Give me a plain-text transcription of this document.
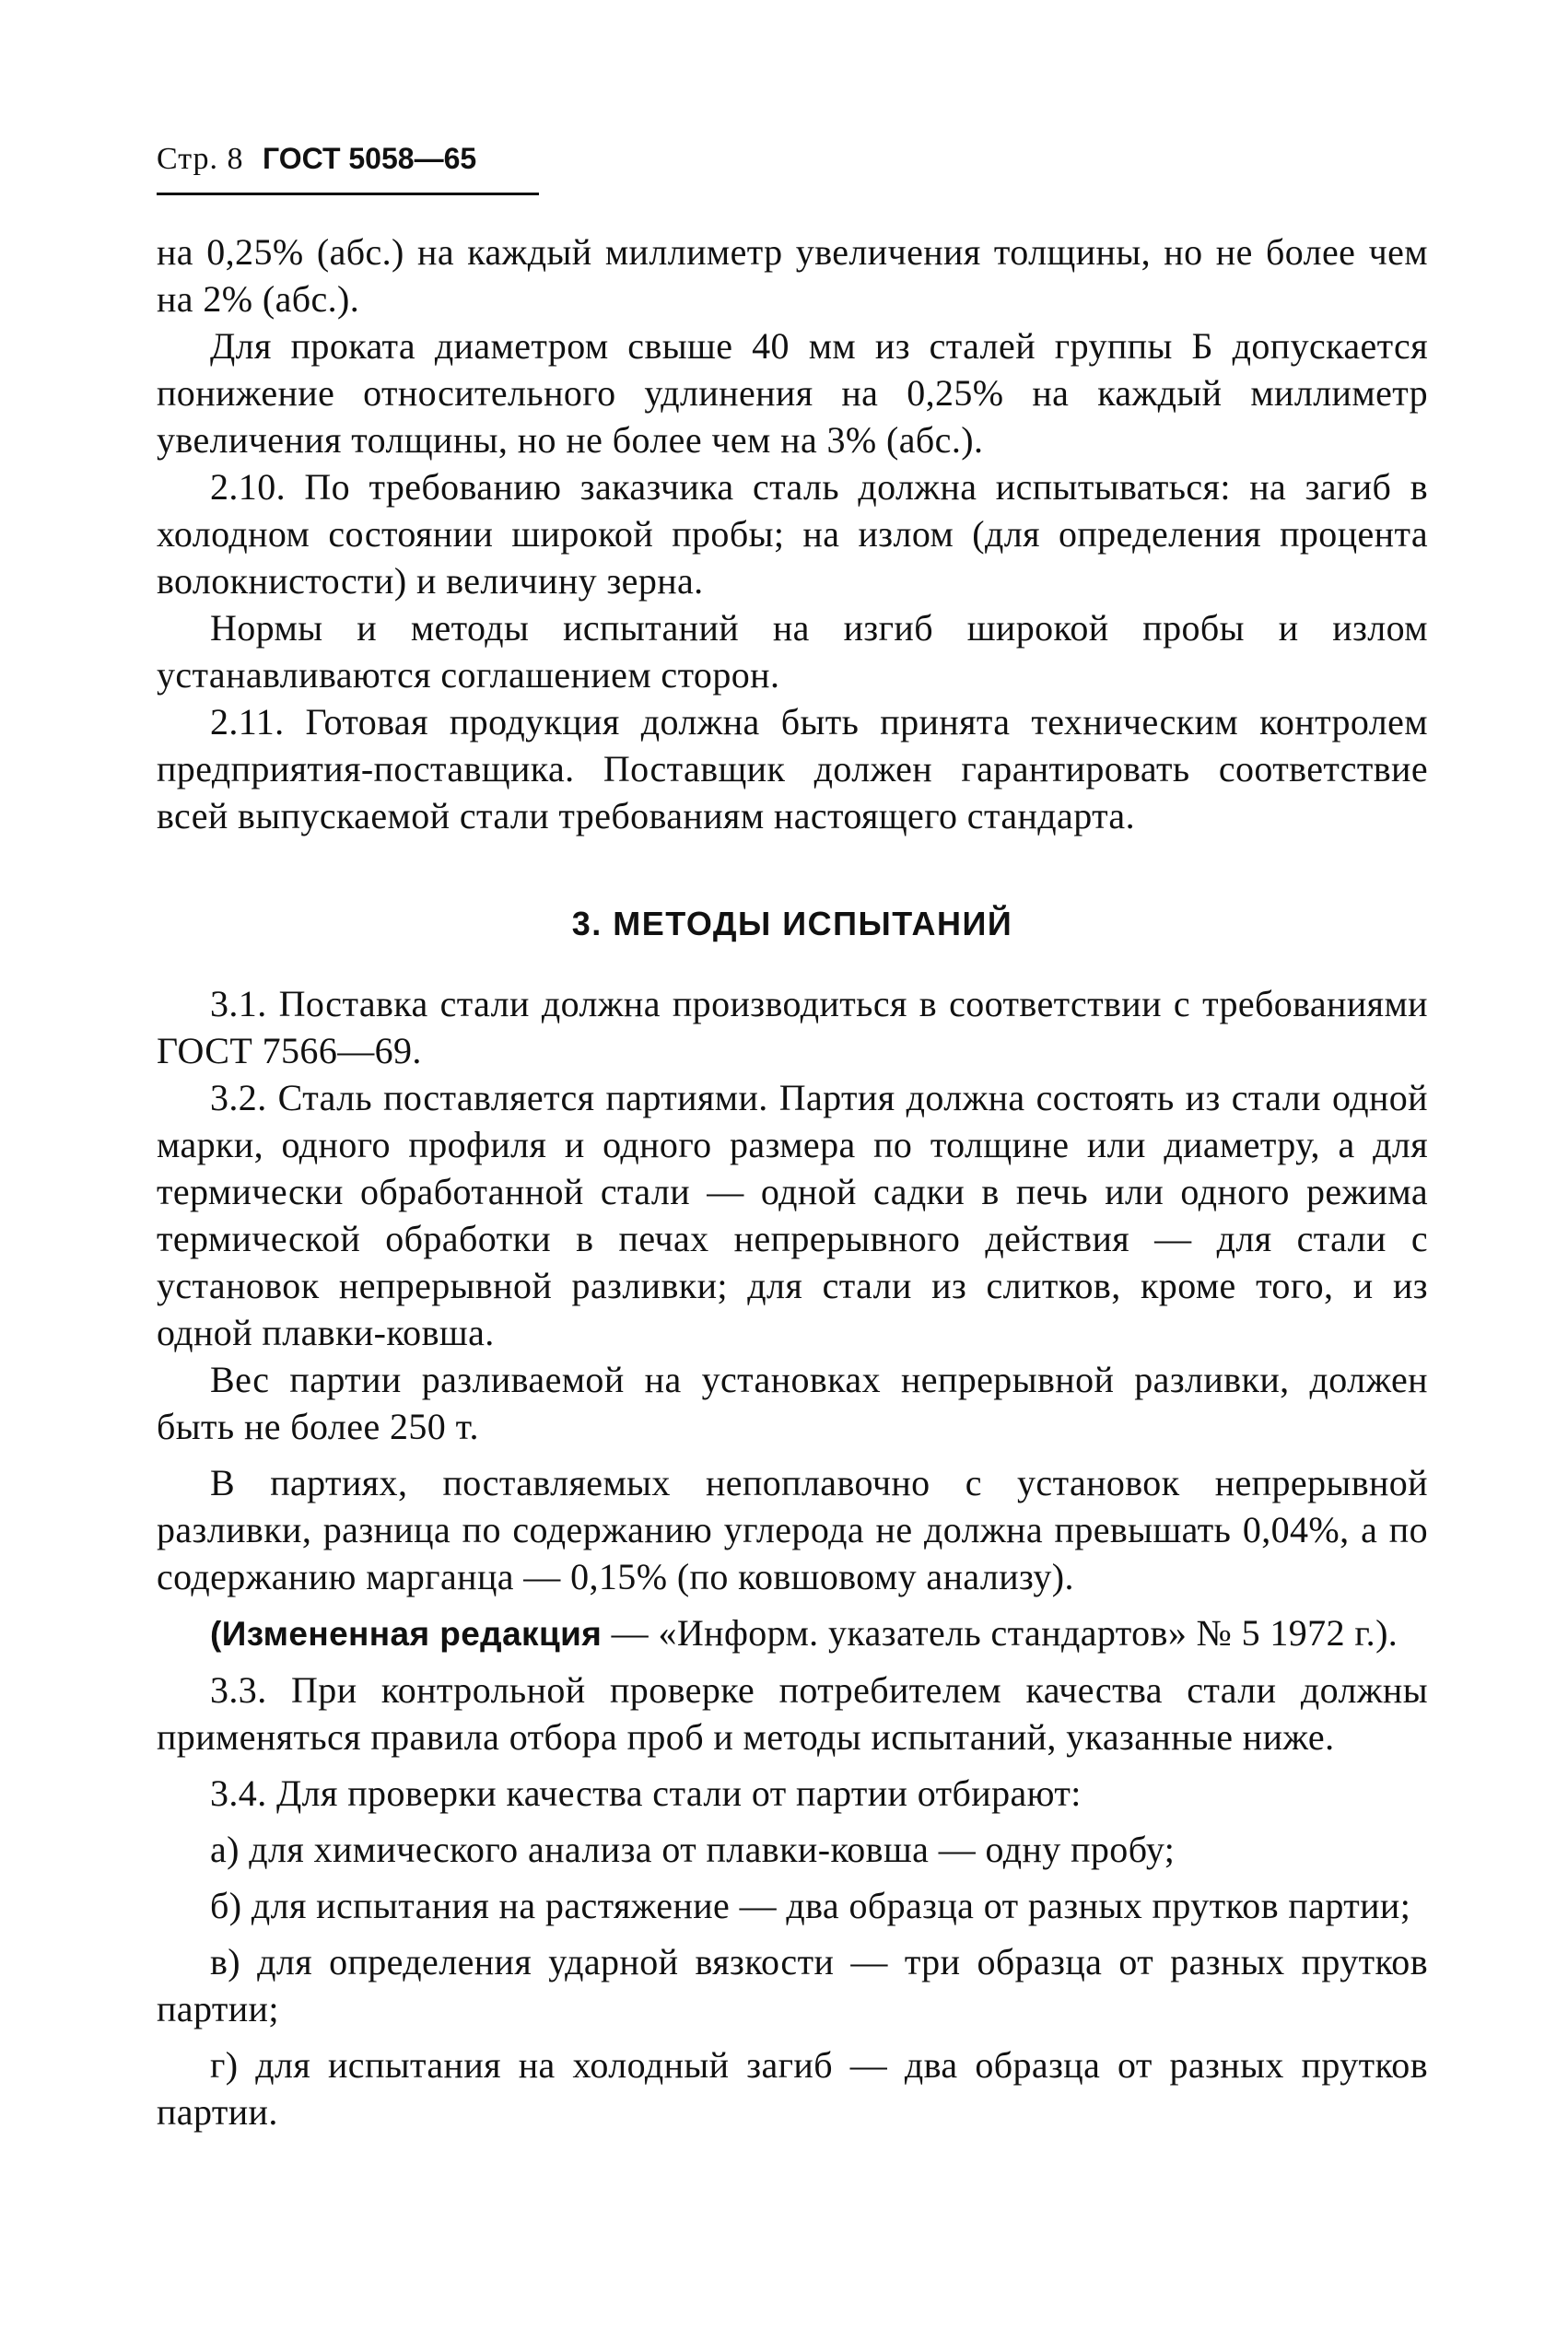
Стр. 8 ГОСТ 5058—65

на 0,25% (абс.) на каждый миллиметр увеличения толщины, но не более чем на 2% (абс.).

Для проката диаметром свыше 40 мм из сталей группы Б допускается понижение относительного удлинения на 0,25% на каждый миллиметр увеличения толщины, но не более чем на 3% (абс.).

2.10. По требованию заказчика сталь должна испытываться: на загиб в холодном состоянии широкой пробы; на излом (для определения процента волокнистости) и величину зерна.

Нормы и методы испытаний на изгиб широкой пробы и излом устанавливаются соглашением сторон.

2.11. Готовая продукция должна быть принята техническим контролем предприятия-поставщика. Поставщик должен гарантировать соответствие всей выпускаемой стали требованиям настоящего стандарта.

3. МЕТОДЫ ИСПЫТАНИЙ

3.1. Поставка стали должна производиться в соответствии с требованиями ГОСТ 7566—69.

3.2. Сталь поставляется партиями. Партия должна состоять из стали одной марки, одного профиля и одного размера по толщине или диаметру, а для термически обработанной стали — одной садки в печь или одного режима термической обработки в печах непрерывного действия — для стали с установок непрерывной разливки; для стали из слитков, кроме того, и из одной плавки-ковша.

Вес партии разливаемой на установках непрерывной разливки, должен быть не более 250 т.

В партиях, поставляемых непоплавочно с установок непрерывной разливки, разница по содержанию углерода не должна превышать 0,04%, а по содержанию марганца — 0,15% (по ковшовому анализу).

(Измененная редакция — «Информ. указатель стандартов» № 5 1972 г.).

3.3. При контрольной проверке потребителем качества стали должны применяться правила отбора проб и методы испытаний, указанные ниже.

3.4. Для проверки качества стали от партии отбирают:

а) для химического анализа от плавки-ковша — одну пробу;

б) для испытания на растяжение — два образца от разных прутков партии;

в) для определения ударной вязкости — три образца от разных прутков партии;

г) для испытания на холодный загиб — два образца от разных прутков партии.
